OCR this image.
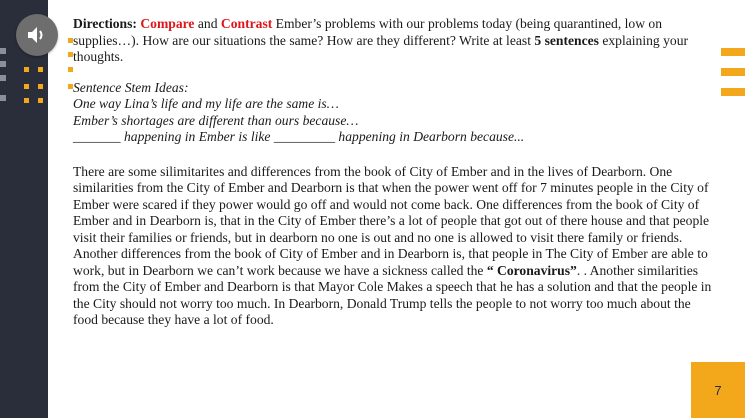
Directions: Compare and Contrast Ember’s problems with our problems today (being quarantined, low on supplies…). How are our situations the same? How are they different? Write at least 5 sentences explaining your thoughts.
Sentence Stem Ideas:
One way Lina’s life and my life are the same is…
Ember’s shortages are different than ours because…
_______ happening in Ember is like _________ happening in Dearborn because...
There are some silimitarites and differences from the book of City of Ember and in the lives of Dearborn. One similarities from the City of Ember and Dearborn is that when the power went off for 7 minutes people in the City of Ember were scared if they power would go off and would not come back. One differences from the book of City of Ember and in Dearborn is, that in the City of Ember there’s a lot of people that got out of there house and that people visit their families or friends, but in dearborn no one is out and no one is allowed to visit there family or friends. Another differences from the book of City of Ember and in Dearborn is, that people in The City of Ember are able to work, but in Dearborn we can’t work because we have a sickness called the “ Coronavirus”. . Another similarities from the City of Ember and Dearborn is that Mayor Cole Makes a speech that he has a solution and that the people in the City should not worry too much. In Dearborn, Donald Trump tells the people to not worry too much about the food because they have a lot of food.
7
